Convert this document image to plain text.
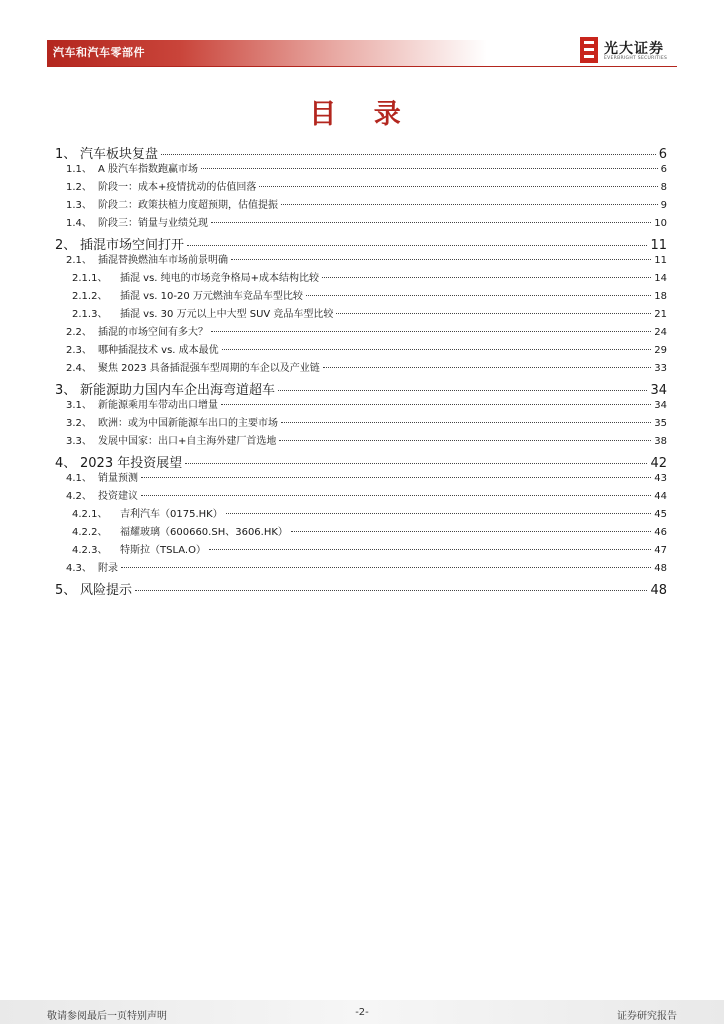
汽车和汽车零部件	光大证券
EVERBRIGHT SECURITIES
目 录
1、 汽车板块复盘	6
1.1、 A 股汽车指数跑赢市场	6
1.2、 阶段一：成本+疫情扰动的估值回落	8
1.3、 阶段二：政策扶植力度超预期，估值提振	9
1.4、 阶段三：销量与业绩兑现	10
2、 插混市场空间打开	11
2.1、 插混替换燃油车市场前景明确	11
2.1.1、	插混 vs. 纯电的市场竞争格局+成本结构比较	14
2.1.2、	插混 vs. 10-20 万元燃油车竞品车型比较	18
2.1.3、	插混 vs. 30 万元以上中大型 SUV 竞品车型比较	21
2.2、 插混的市场空间有多大？	24
2.3、 哪种插混技术 vs. 成本最优	29
2.4、 聚焦 2023 具备插混强车型周期的车企以及产业链	33
3、 新能源助力国内车企出海弯道超车	34
3.1、 新能源乘用车带动出口增量	34
3.2、 欧洲：或为中国新能源车出口的主要市场	35
3.3、 发展中国家：出口+自主海外建厂首选地	38
4、 2023 年投资展望	42
4.1、 销量预测	43
4.2、 投资建议	44
4.2.1、	吉利汽车（0175.HK）	45
4.2.2、	福耀玻璃（600660.SH、3606.HK）	46
4.2.3、	特斯拉（TSLA.O）	47
4.3、 附录	48
5、 风险提示	48
敬请参阅最后一页特别声明	-2-	证券研究报告
